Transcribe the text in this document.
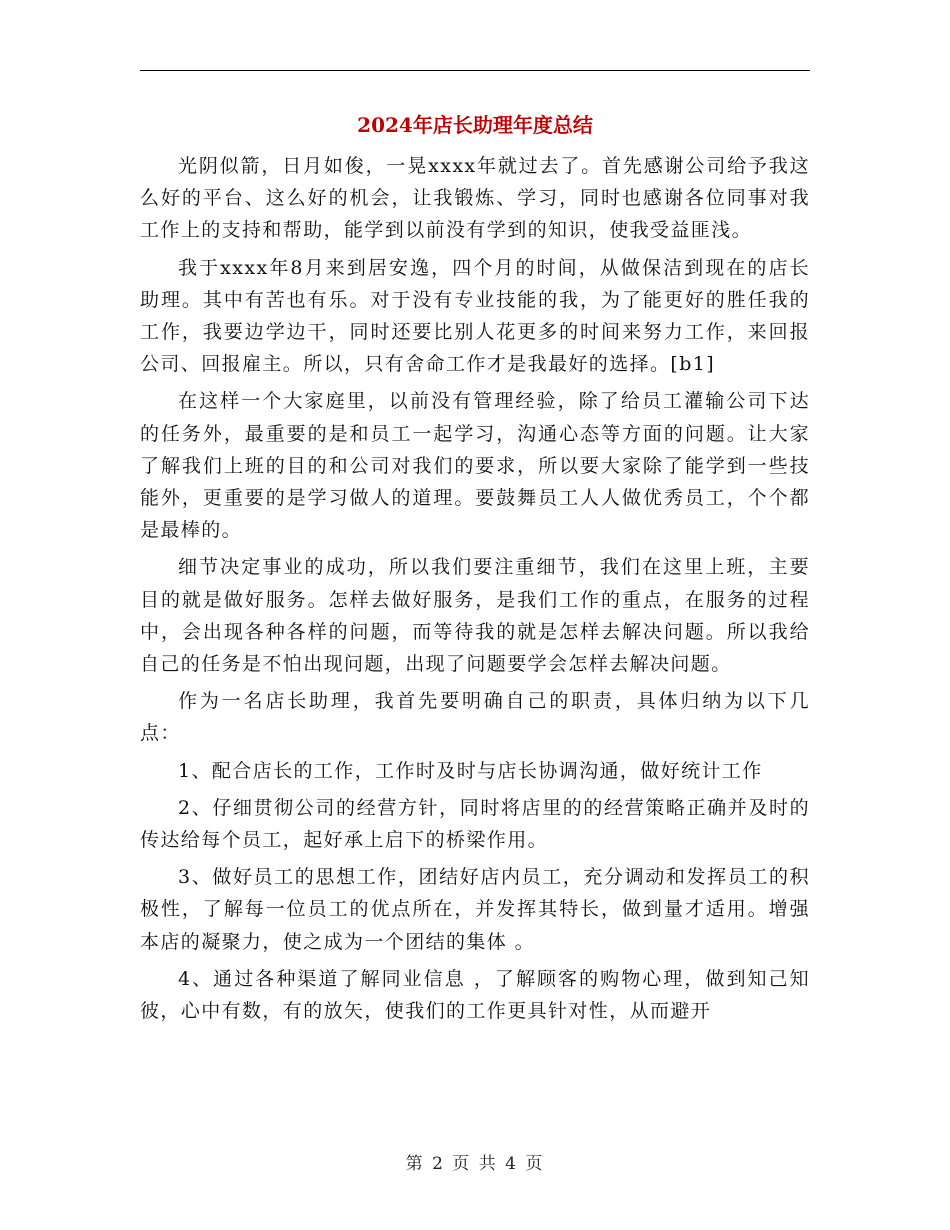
2024年店长助理年度总结

光阴似箭，日月如俊，一晃xxxx年就过去了。首先感谢公司给予我这么好的平台、这么好的机会，让我锻炼、学习，同时也感谢各位同事对我工作上的支持和帮助，能学到以前没有学到的知识，使我受益匪浅。

我于xxxx年8月来到居安逸，四个月的时间，从做保洁到现在的店长助理。其中有苦也有乐。对于没有专业技能的我，为了能更好的胜任我的工作，我要边学边干，同时还要比别人花更多的时间来努力工作，来回报公司、回报雇主。所以，只有舍命工作才是我最好的选择。[b1]

在这样一个大家庭里，以前没有管理经验，除了给员工灌输公司下达的任务外，最重要的是和员工一起学习，沟通心态等方面的问题。让大家了解我们上班的目的和公司对我们的要求，所以要大家除了能学到一些技能外，更重要的是学习做人的道理。要鼓舞员工人人做优秀员工，个个都是最棒的。

细节决定事业的成功，所以我们要注重细节，我们在这里上班，主要目的就是做好服务。怎样去做好服务，是我们工作的重点，在服务的过程中，会出现各种各样的问题，而等待我的就是怎样去解决问题。所以我给自己的任务是不怕出现问题，出现了问题要学会怎样去解决问题。

作为一名店长助理，我首先要明确自己的职责，具体归纳为以下几点：

1、配合店长的工作，工作时及时与店长协调沟通，做好统计工作

2、仔细贯彻公司的经营方针，同时将店里的的经营策略正确并及时的传达给每个员工，起好承上启下的桥梁作用。

3、做好员工的思想工作，团结好店内员工，充分调动和发挥员工的积极性，了解每一位员工的优点所在，并发挥其特长，做到量才适用。增强本店的凝聚力，使之成为一个团结的集体 。

4、通过各种渠道了解同业信息 ，了解顾客的购物心理，做到知己知彼，心中有数，有的放矢，使我们的工作更具针对性，从而避开

第 2 页 共 4 页
